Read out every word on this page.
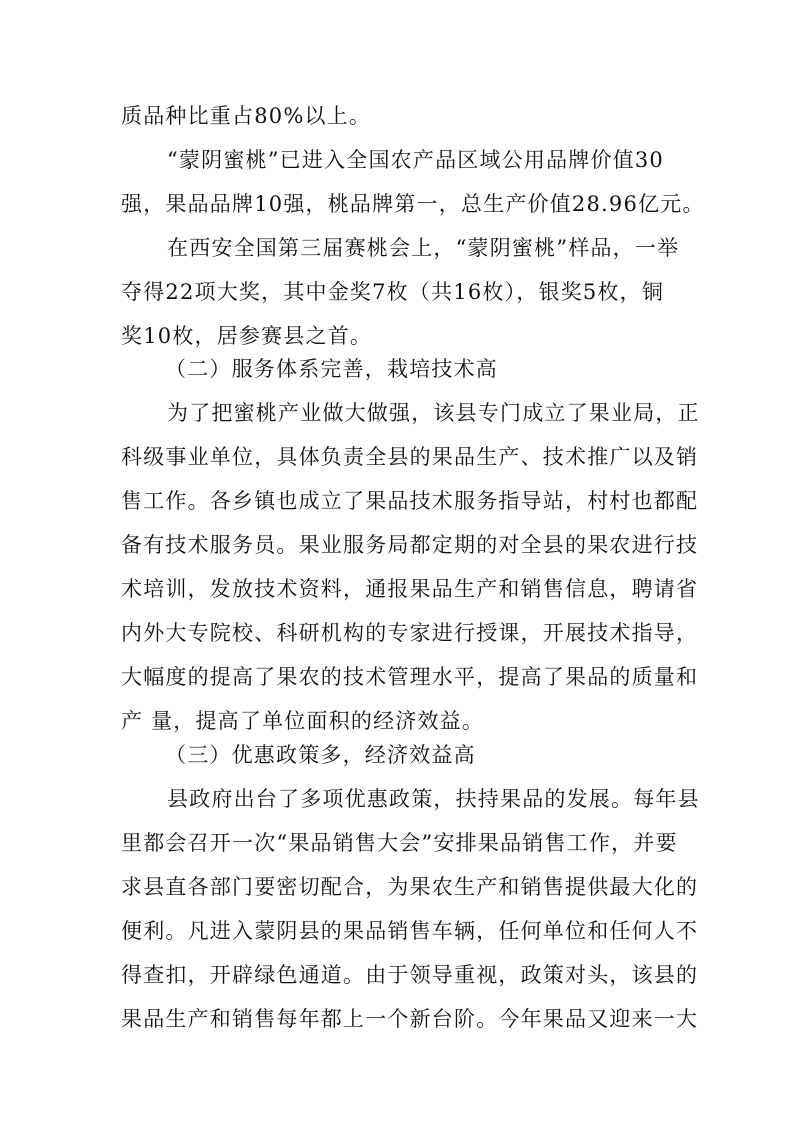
质品种比重占80%以上。
“蒙阴蜜桃”已进入全国农产品区域公用品牌价值30
强，果品品牌10强，桃品牌第一，总生产价值28.96亿元。
在西安全国第三届赛桃会上，“蒙阴蜜桃”样品，一举
夺得22项大奖，其中金奖7枚（共16枚），银奖5枚，铜
奖10枚，居参赛县之首。
（二）服务体系完善，栽培技术高
为了把蜜桃产业做大做强，该县专门成立了果业局，正
科级事业单位，具体负责全县的果品生产、技术推广以及销
售工作。各乡镇也成立了果品技术服务指导站，村村也都配
备有技术服务员。果业服务局都定期的对全县的果农进行技
术培训，发放技术资料，通报果品生产和销售信息，聘请省
内外大专院校、科研机构的专家进行授课，开展技术指导，
大幅度的提高了果农的技术管理水平，提高了果品的质量和
产 量，提高了单位面积的经济效益。
（三）优惠政策多，经济效益高
县政府出台了多项优惠政策，扶持果品的发展。每年县
里都会召开一次“果品销售大会”安排果品销售工作，并要
求县直各部门要密切配合，为果农生产和销售提供最大化的
便利。凡进入蒙阴县的果品销售车辆，任何单位和任何人不
得查扣，开辟绿色通道。由于领导重视，政策对头，该县的
果品生产和销售每年都上一个新台阶。今年果品又迎来一大
